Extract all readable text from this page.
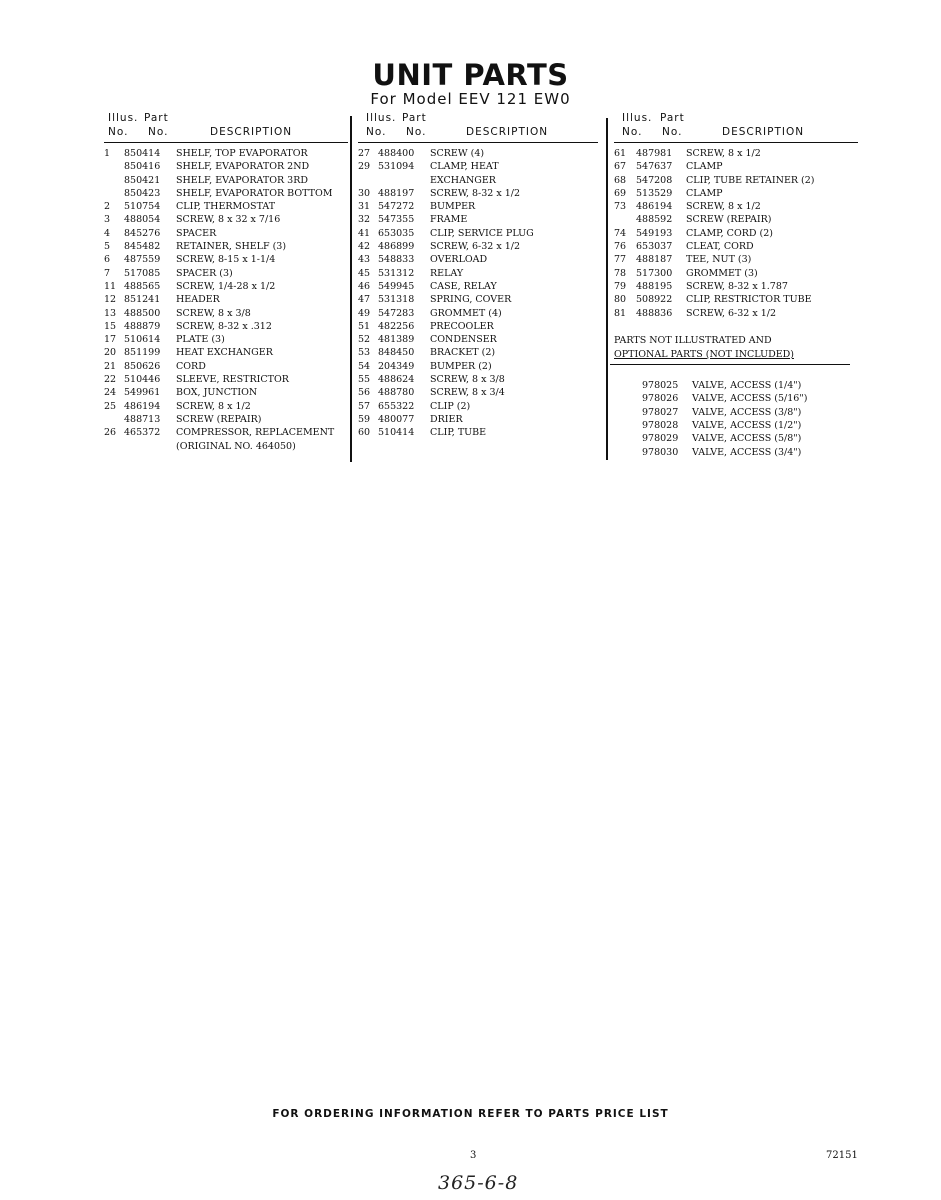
UNIT PARTS
For Model EEV 121 EW0
Illus. Part
No. No.	DESCRIPTION
1	850414 SHELF, TOP EVAPORATOR
850416 SHELF, EVAPORATOR 2ND
850421 SHELF, EVAPORATOR 3RD
850423 SHELF, EVAPORATOR BOTTOM
2	510754 CLIP, THERMOSTAT
3	488054 SCREW, 8 x 32 x 7/16
4	845276 SPACER
5	845482 RETAINER, SHELF (3)
6	487559 SCREW, 8-15 x 1-1/4
7	517085 SPACER (3)
11 488565 SCREW, 1/4-28 x 1/2
12 851241 HEADER
13 488500 SCREW, 8 x 3/8
15 488879 SCREW, 8-32 x .312
17 510614 PLATE (3)
20 851199 HEAT EXCHANGER
21 850626 CORD
22 510446 SLEEVE, RESTRICTOR
24 549961 BOX, JUNCTION
25 486194 SCREW, 8 x 1/2
488713 SCREW (REPAIR)
26 465372 COMPRESSOR, REPLACEMENT
(ORIGINAL NO. 464050)
Illus. Part
No. No.	DESCRIPTION
27 488400 SCREW (4)
29 531094 CLAMP, HEAT
EXCHANGER
30 488197 SCREW, 8-32 x 1/2
31 547272 BUMPER
32 547355 FRAME
41 653035 CLIP, SERVICE PLUG
42 486899 SCREW, 6-32 x 1/2
43 548833 OVERLOAD
45 531312 RELAY
46 549945 CASE, RELAY
47 531318 SPRING, COVER
49 547283 GROMMET (4)
51 482256 PRECOOLER
52 481389 CONDENSER
53 848450 BRACKET (2)
54 204349 BUMPER (2)
55 488624 SCREW, 8 x 3/8
56 488780 SCREW, 8 x 3/4
57 655322 CLIP (2)
59 480077 DRIER
60 510414 CLIP, TUBE
Illus. Part
No. No.	DESCRIPTION
61	487981 SCREW, 8 x 1/2
67	547637 CLAMP
68	547208 CLIP, TUBE RETAINER (2)
69	513529 CLAMP
73	486194 SCREW, 8 x 1/2
488592 SCREW (REPAIR)
74	549193 CLAMP, CORD (2)
76	653037 CLEAT, CORD
77	488187 TEE, NUT (3)
78	517300 GROMMET (3)
79	488195 SCREW, 8-32 x 1.787
80	508922 CLIP, RESTRICTOR TUBE
81	488836 SCREW, 6-32 x 1/2
PARTS NOT ILLUSTRATED AND
OPTIONAL PARTS (NOT INCLUDED)
978025 VALVE, ACCESS (1/4")
978026 VALVE, ACCESS (5/16")
978027 VALVE, ACCESS (3/8")
978028 VALVE, ACCESS (1/2")
978029 VALVE, ACCESS (5/8")
978030 VALVE, ACCESS (3/4")
FOR ORDERING INFORMATION REFER TO PARTS PRICE LIST
3	72151
365-6-8
